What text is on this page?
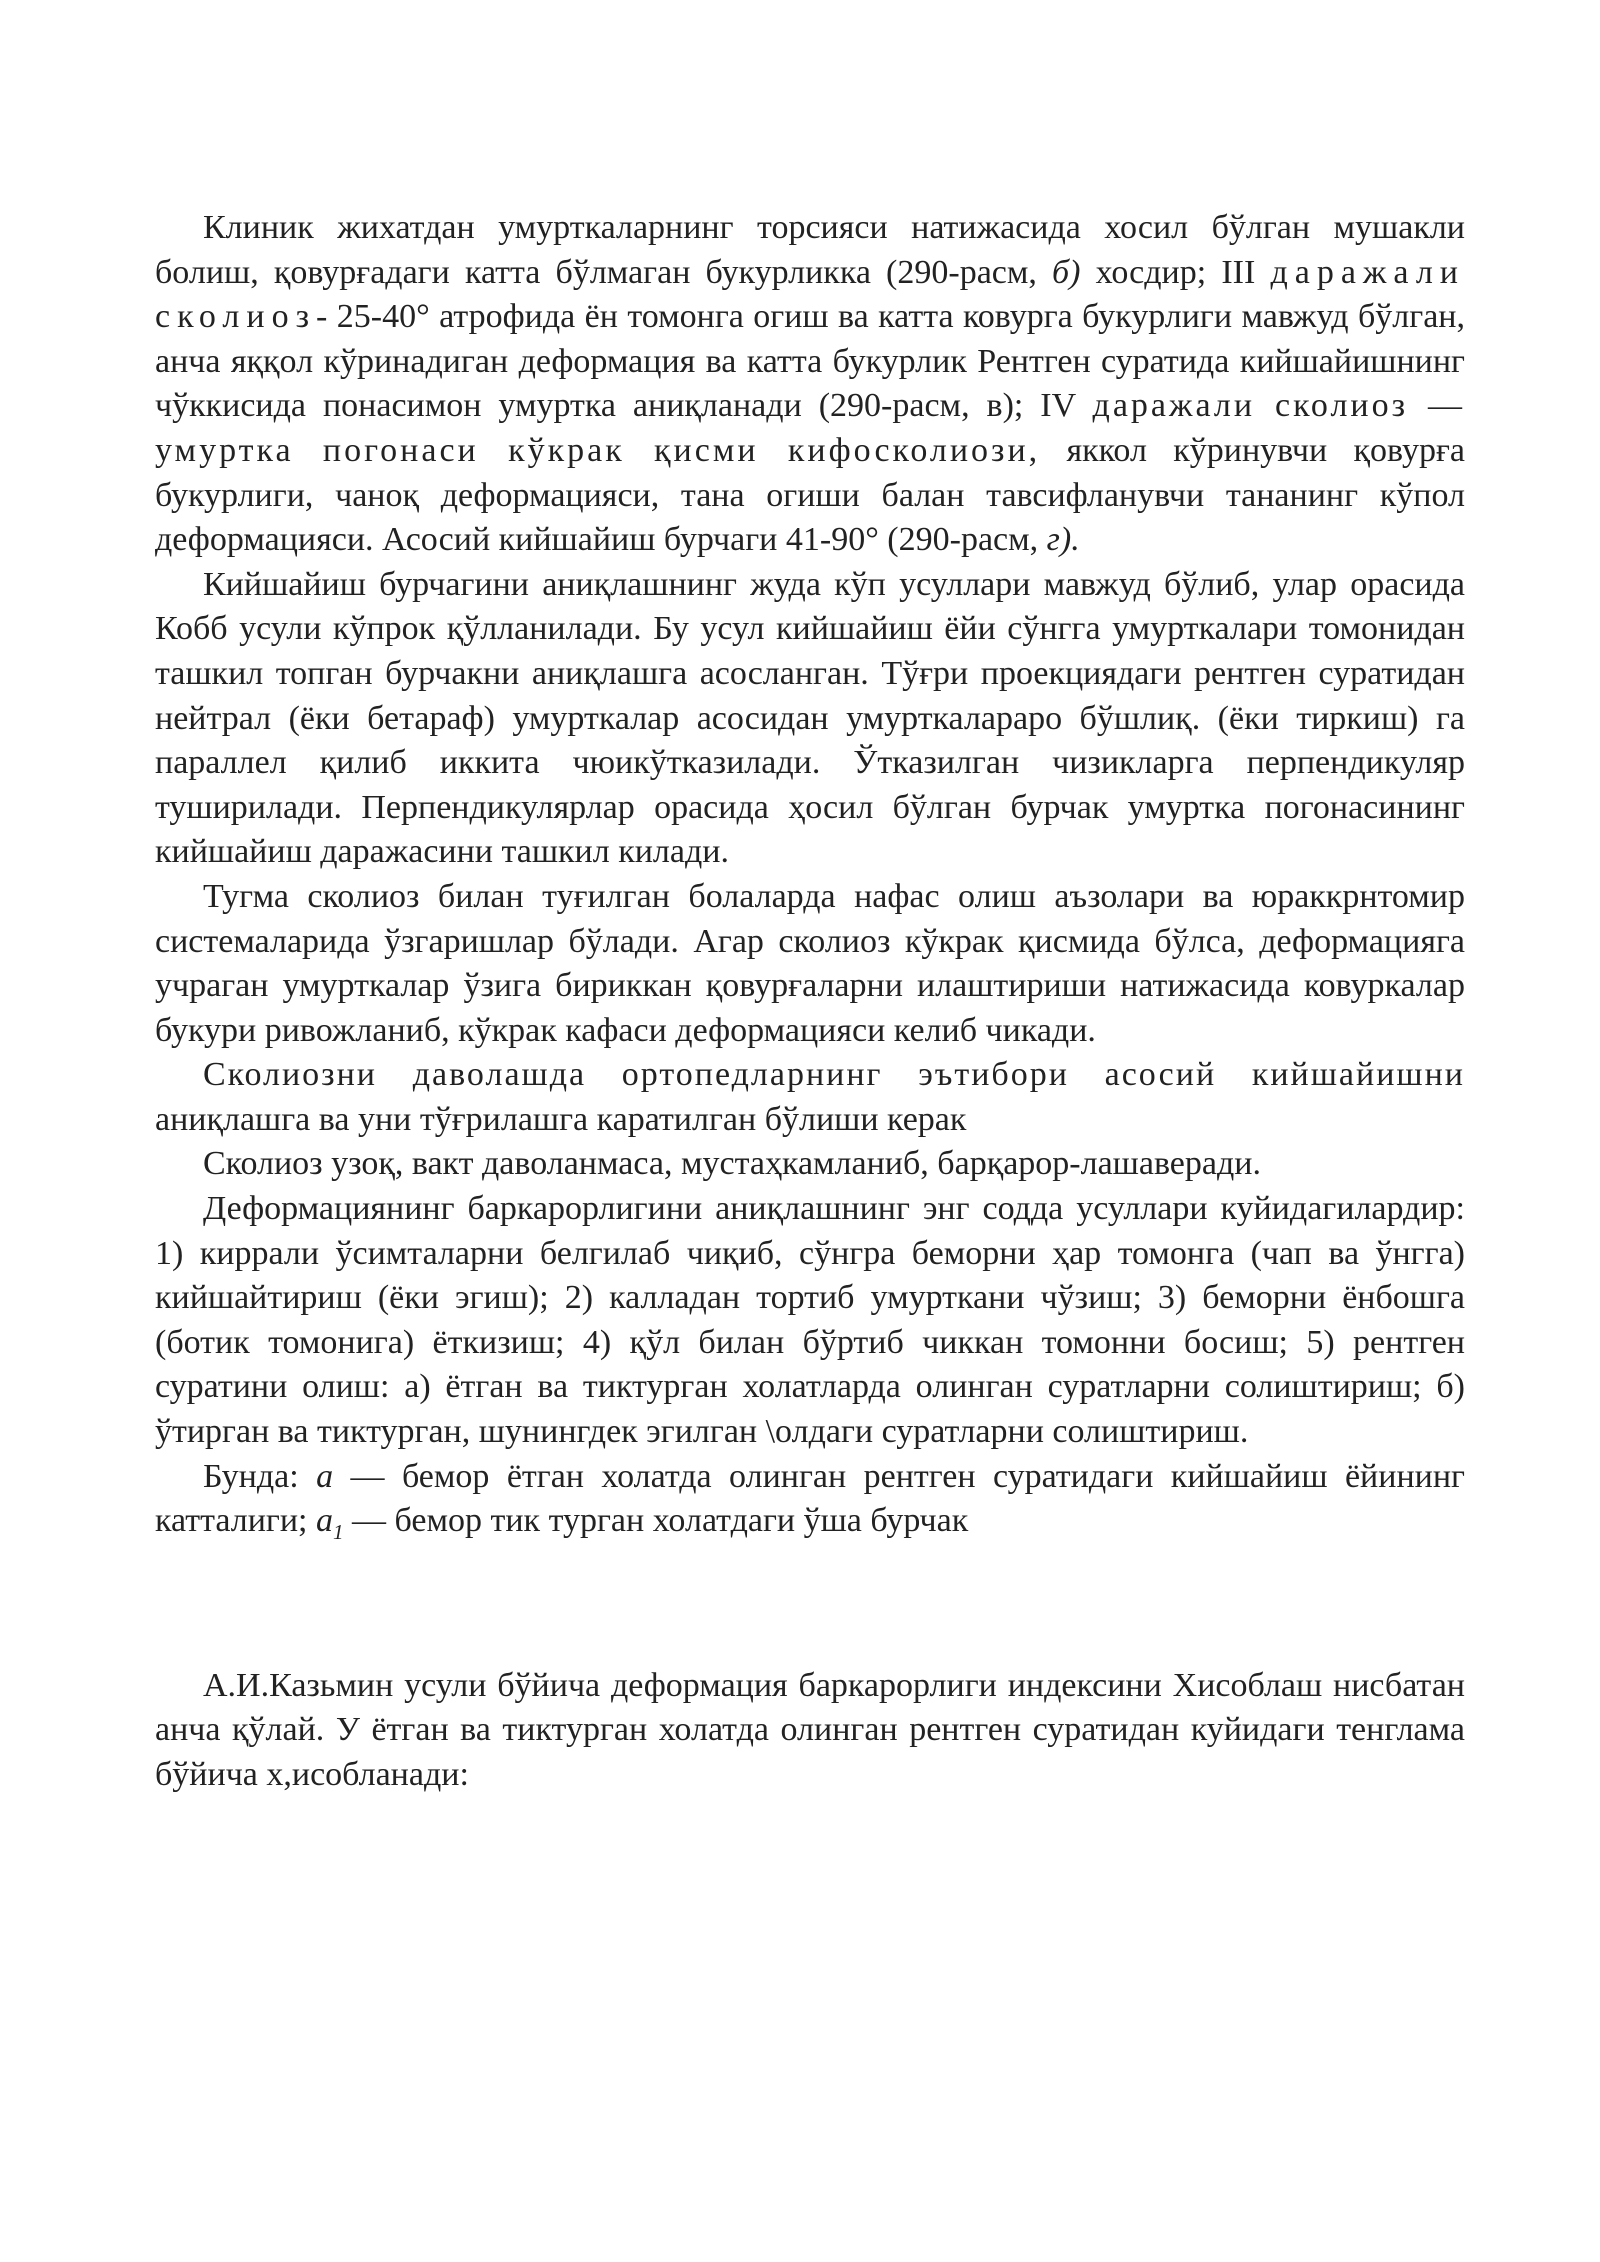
Клиник жихатдан умурткаларнинг торсияси натижасида хосил бўлган мушакли болиш, қовурғадаги катта бўлмаган букурликка (290-расм, б) хосдир; III даражали сколиоз- 25-40° атрофида ён томонга огиш ва катта ковурга букурлиги мавжуд бўлган, анча яққол кўринадиган деформация ва катта букурлик Рентген суратида кийшайишнинг чўккисида понасимон умуртка аниқланади (290-расм, в); IV даражали сколиоз — умуртка погонаси кўкрак қисми кифосколиози, яккол кўринувчи қовурға букурлиги, чаноқ деформацияси, тана огиши балан тавсифланувчи тананинг кўпол деформацияси. Асосий кийшайиш бурчаги 41-90° (290-расм, г).

Кийшайиш бурчагини аниқлашнинг жуда кўп усуллари мавжуд бўлиб, улар орасида Кобб усули кўпрок қўлланилади. Бу усул кийшайиш ёйи сўнгга умурткалари томонидан ташкил топган бурчакни аниқлашга асосланган. Тўғри проекциядаги рентген суратидан нейтрал (ёки бетараф) умурткалар асосидан умурткалараро бўшлиқ. (ёки тиркиш) га параллел қилиб иккита чюикўтказилади. Ўтказилган чизикларга перпендикуляр туширилади. Перпендикулярлар орасида ҳосил бўлган бурчак умуртка погонасининг кийшайиш даражасини ташкил килади.

Тугма сколиоз билан туғилган болаларда нафас олиш аъзолари ва юраккрнтомир системаларида ўзгаришлар бўлади. Агар сколиоз кўкрак қисмида бўлса, деформацияга учраган умурткалар ўзига бириккан қовурғаларни илаштириши натижасида ковуркалар букури ривожланиб, кўкрак кафаси деформацияси келиб чикади.

Сколиозни даволашда ортопедларнинг эътибори асосий кийшайишни аниқлашга ва уни тўғрилашга каратилган бўлиши керак

Сколиоз узоқ, вакт даволанмаса, мустаҳкамланиб, барқарор-лашаверади.

Деформациянинг баркарорлигини аниқлашнинг энг содда усуллари куйидагилардир: 1) киррали ўсимталарни белгилаб чиқиб, сўнгра беморни ҳар томонга (чап ва ўнгга) кийшайтириш (ёки эгиш); 2) калладан тортиб умурткани чўзиш; 3) беморни ёнбошга (ботик томонига) ёткизиш; 4) қўл билан бўртиб чиккан томонни босиш; 5) рентген суратини олиш: а) ётган ва тиктурган холатларда олинган суратларни солиштириш; б) ўтирган ва тиктурган, шунингдек эгилган \олдаги суратларни солиштириш.

Бунда: а — бемор ётган холатда олинган рентген суратидаги кийшайиш ёйининг катталиги; $а_1$ — бемор тик турган холатдаги ўша бурчак

А.И.Казьмин усули бўйича деформация баркарорлиги индексини Хисоблаш нисбатан анча қўлай. У ётган ва тиктурган холатда олинган рентген суратидан куйидаги тенглама бўйича х,исобланади:
